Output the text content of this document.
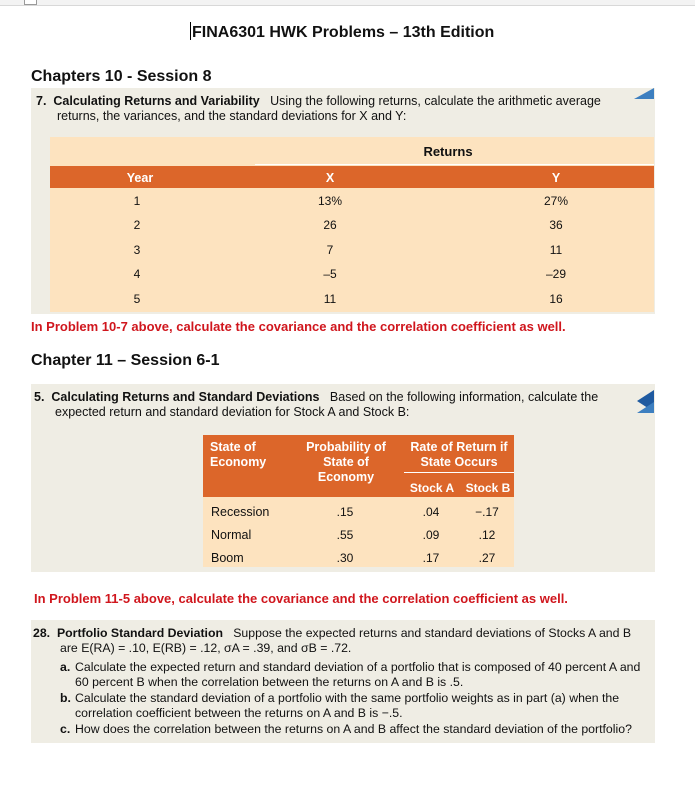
FINA6301 HWK Problems – 13th Edition
Chapters 10 - Session 8
7. Calculating Returns and Variability Using the following returns, calculate the arithmetic average
returns, the variances, and the standard deviations for X and Y:
Returns
Year	X	Y
1	13%	27%
2	26	36
3	7	11
4	–5	–29
5	11	16
In Problem 10-7 above, calculate the covariance and the correlation coefficient as well.
Chapter 11 – Session 6-1
5. Calculating Returns and Standard Deviations Based on the following information, calculate the
expected return and standard deviation for Stock A and Stock B:
State of
Economy
Probability of
State of
Economy
Rate of Return if
State Occurs
Stock A Stock B
Recession	.15	.04	−.17
Normal	.55	.09	.12
Boom	.30	.17	.27
In Problem 11-5 above, calculate the covariance and the correlation coefficient as well.
28. Portfolio Standard Deviation Suppose the expected returns and standard deviations of Stocks A and B
are E(RA) = .10, E(RB) = .12, σA = .39, and σB = .72.
a. Calculate the expected return and standard deviation of a portfolio that is composed of 40 percent A and
60 percent B when the correlation between the returns on A and B is .5.
b. Calculate the standard deviation of a portfolio with the same portfolio weights as in part (a) when the
correlation coefficient between the returns on A and B is −.5.
c. How does the correlation between the returns on A and B affect the standard deviation of the portfolio?
